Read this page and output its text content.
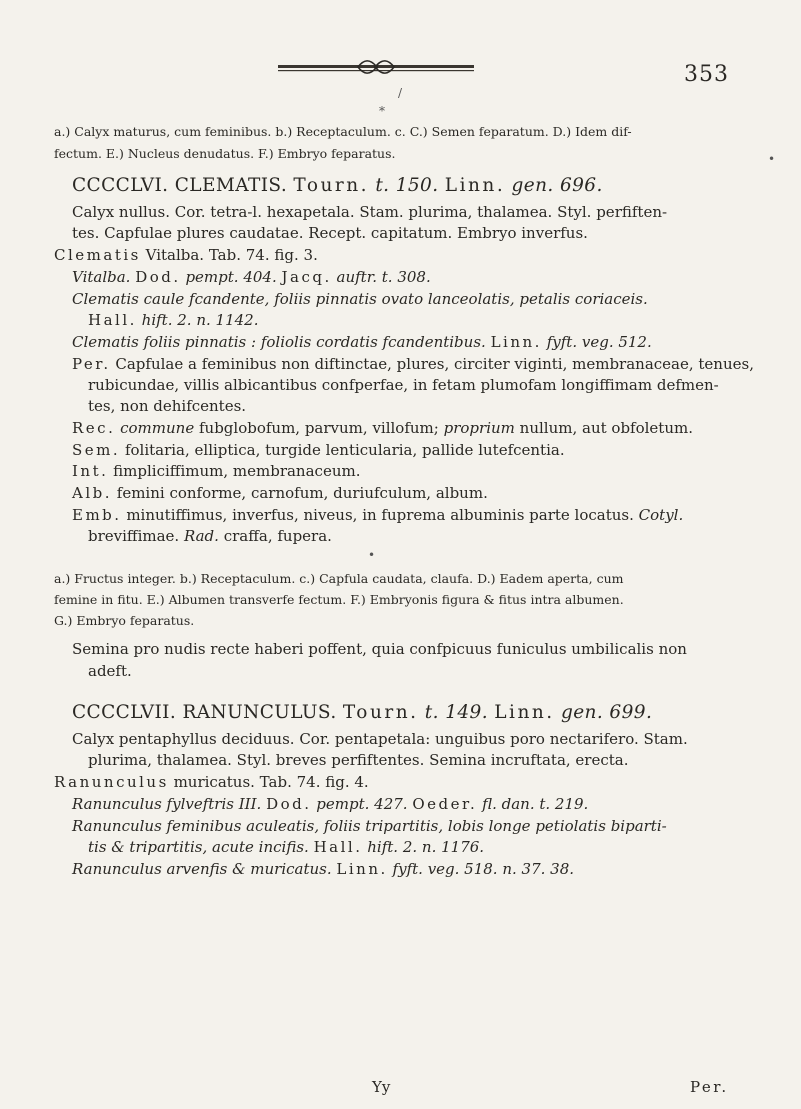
353
*
/
•
•
a.) Calyx maturus, cum feminibus. b.) Receptaculum. c. C.) Semen feparatum. D.) Idem dif-
fectum. E.) Nucleus denudatus. F.) Embryo feparatus.
CCCCLVI. CLEMATIS. Tourn. t. 150. Linn. gen. 696.
Calyx nullus. Cor. tetra-l. hexapetala. Stam. plurima, thalamea. Styl. perfiften-
tes. Capfulae plures caudatae. Recept. capitatum. Embryo inverfus.
Clematis Vitalba. Tab. 74. fig. 3.
Vitalba. Dod. pempt. 404. Jacq. auftr. t. 308.
Clematis caule fcandente, foliis pinnatis ovato lanceolatis, petalis coriaceis.
Hall. hift. 2. n. 1142.
Clematis foliis pinnatis : foliolis cordatis fcandentibus. Linn. fyft. veg. 512.
Per. Capfulae a feminibus non diftinctae, plures, circiter viginti, membranaceae, tenues,
rubicundae, villis albicantibus confperfae, in fetam plumofam longiffimam defmen-
tes, non dehifcentes.
Rec. commune fubglobofum, parvum, villofum; proprium nullum, aut obfoletum.
Sem. folitaria, elliptica, turgide lenticularia, pallide lutefcentia.
Int. fimpliciffimum, membranaceum.
Alb. femini conforme, carnofum, duriufculum, album.
Emb. minutiffimus, inverfus, niveus, in fuprema albuminis parte locatus. Cotyl.
breviffimae. Rad. craffa, fupera.
a.) Fructus integer. b.) Receptaculum. c.) Capfula caudata, claufa. D.) Eadem aperta, cum
femine in fitu. E.) Albumen transverfe fectum. F.) Embryonis figura & fitus intra albumen.
G.) Embryo feparatus.
Semina pro nudis recte haberi poffent, quia confpicuus funiculus umbilicalis non
adeft.
CCCCLVII. RANUNCULUS. Tourn. t. 149. Linn. gen. 699.
Calyx pentaphyllus deciduus. Cor. pentapetala: unguibus poro nectarifero. Stam.
plurima, thalamea. Styl. breves perfiftentes. Semina incruftata, erecta.
Ranunculus muricatus. Tab. 74. fig. 4.
Ranunculus fylveftris III. Dod. pempt. 427. Oeder. fl. dan. t. 219.
Ranunculus feminibus aculeatis, foliis tripartitis, lobis longe petiolatis biparti-
tis & tripartitis, acute incifis. Hall. hift. 2. n. 1176.
Ranunculus arvenfis & muricatus. Linn. fyft. veg. 518. n. 37. 38.
Yy	Per.
